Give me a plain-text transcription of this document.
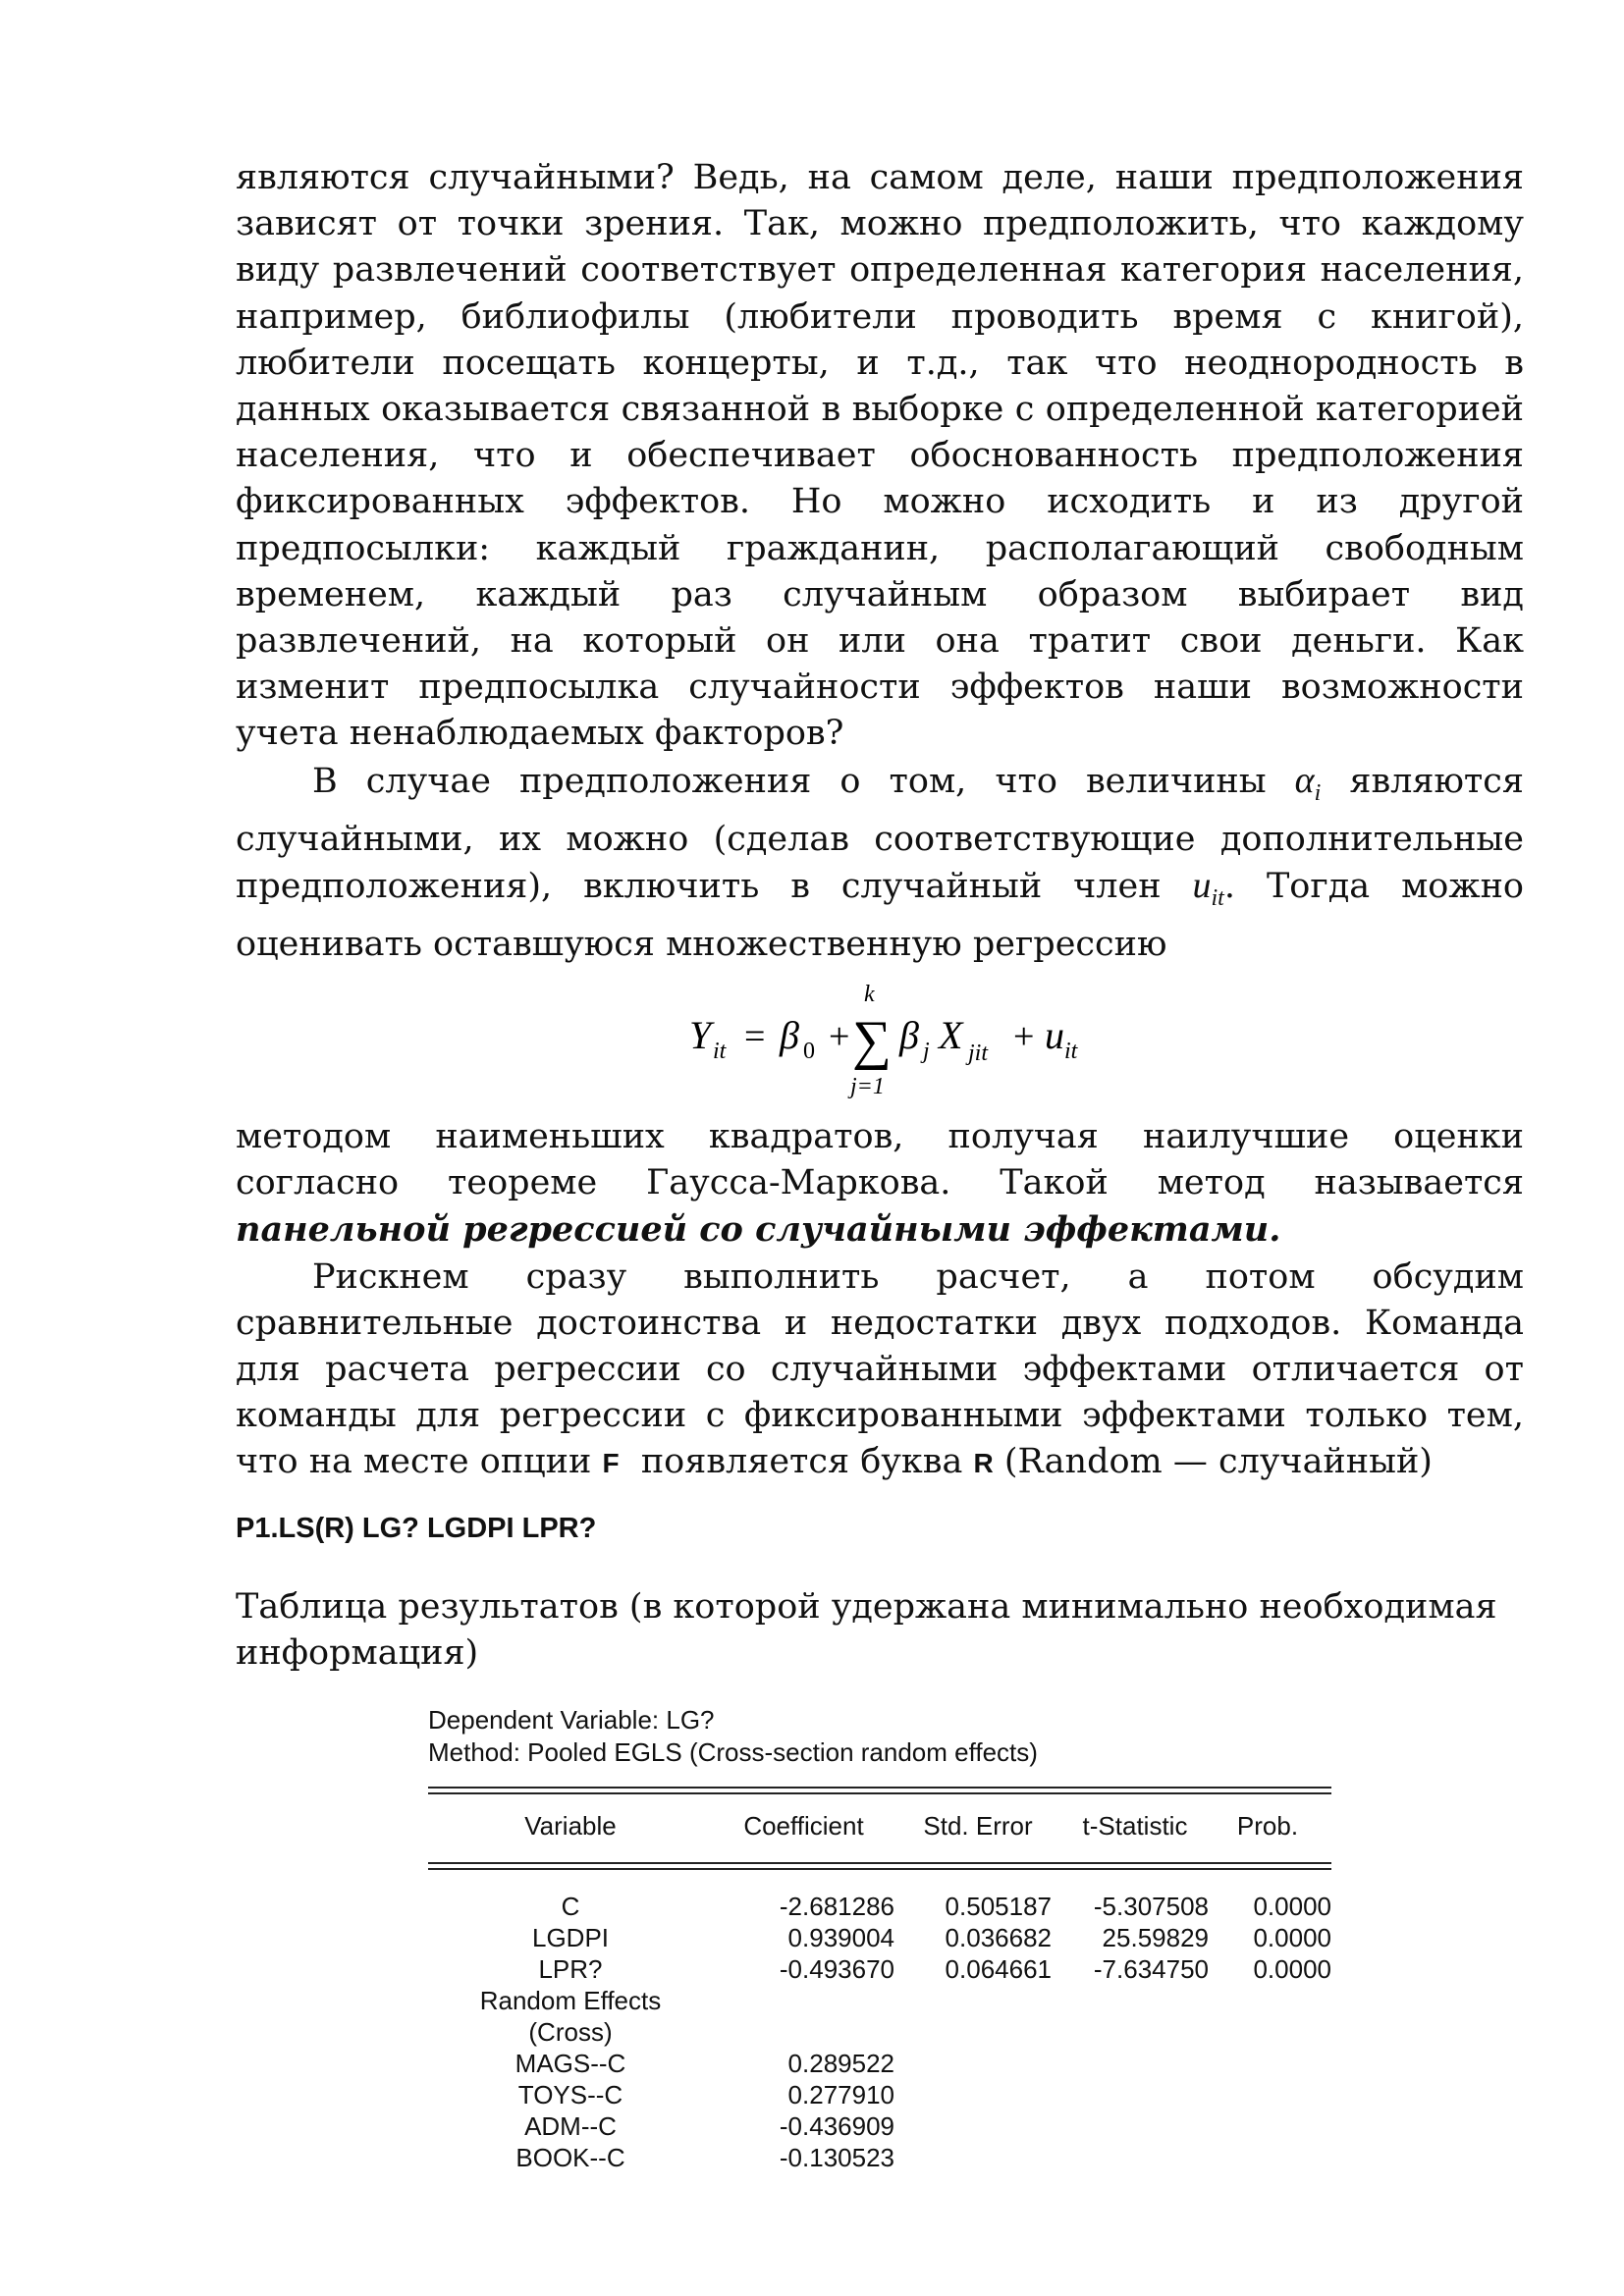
являются случайными? Ведь, на самом деле, наши предположения зависят от точки зрения. Так, можно предположить, что каждому виду развлечений соответствует определенная категория населения, например, библиофилы (любители проводить время с книгой), любители посещать концерты, и т.д., так что неоднородность в данных оказывается связанной в выборке с определенной категорией населения, что и обеспечивает обоснованность предположения фиксированных эффектов. Но можно исходить и из другой предпосылки: каждый гражданин, располагающий свободным временем, каждый раз случайным образом выбирает вид развлечений, на который он или она тратит свои деньги. Как изменит предпосылка случайности эффектов наши возможности учета ненаблюдаемых факторов?

В случае предположения о том, что величины $\alpha_i$ являются случайными, их можно (сделав соответствующие дополнительные предположения), включить в случайный член $u_{it}$. Тогда можно оценивать оставшуюся множественную регрессию

Y it = β 0 +
k
∑
j=1
β j X jit + u it

методом наименьших квадратов, получая наилучшие оценки согласно теореме Гаусса-Маркова. Такой метод называется панельной регрессией со случайными эффектами.

Рискнем сразу выполнить расчет, а потом обсудим сравнительные достоинства и недостатки двух подходов. Команда для расчета регрессии со случайными эффектами отличается от команды для регрессии с фиксированными эффектами только тем, что на месте опции F появляется буква R (Random — случайный)

P1.LS(R) LG? LGDPI LPR?
Таблица результатов (в которой удержана минимально необходимая информация)
Dependent Variable: LG?
Method: Pooled EGLS (Cross-section random effects)
Variable	Coefficient	Std. Error	t-Statistic	Prob.
C	-2.681286	0.505187	-5.307508	0.0000
LGDPI	0.939004	0.036682	25.59829	0.0000
LPR?	-0.493670	0.064661	-7.634750	0.0000
Random Effects
(Cross)
MAGS--C	0.289522
TOYS--C	0.277910
ADM--C	-0.436909
BOOK--C	-0.130523
